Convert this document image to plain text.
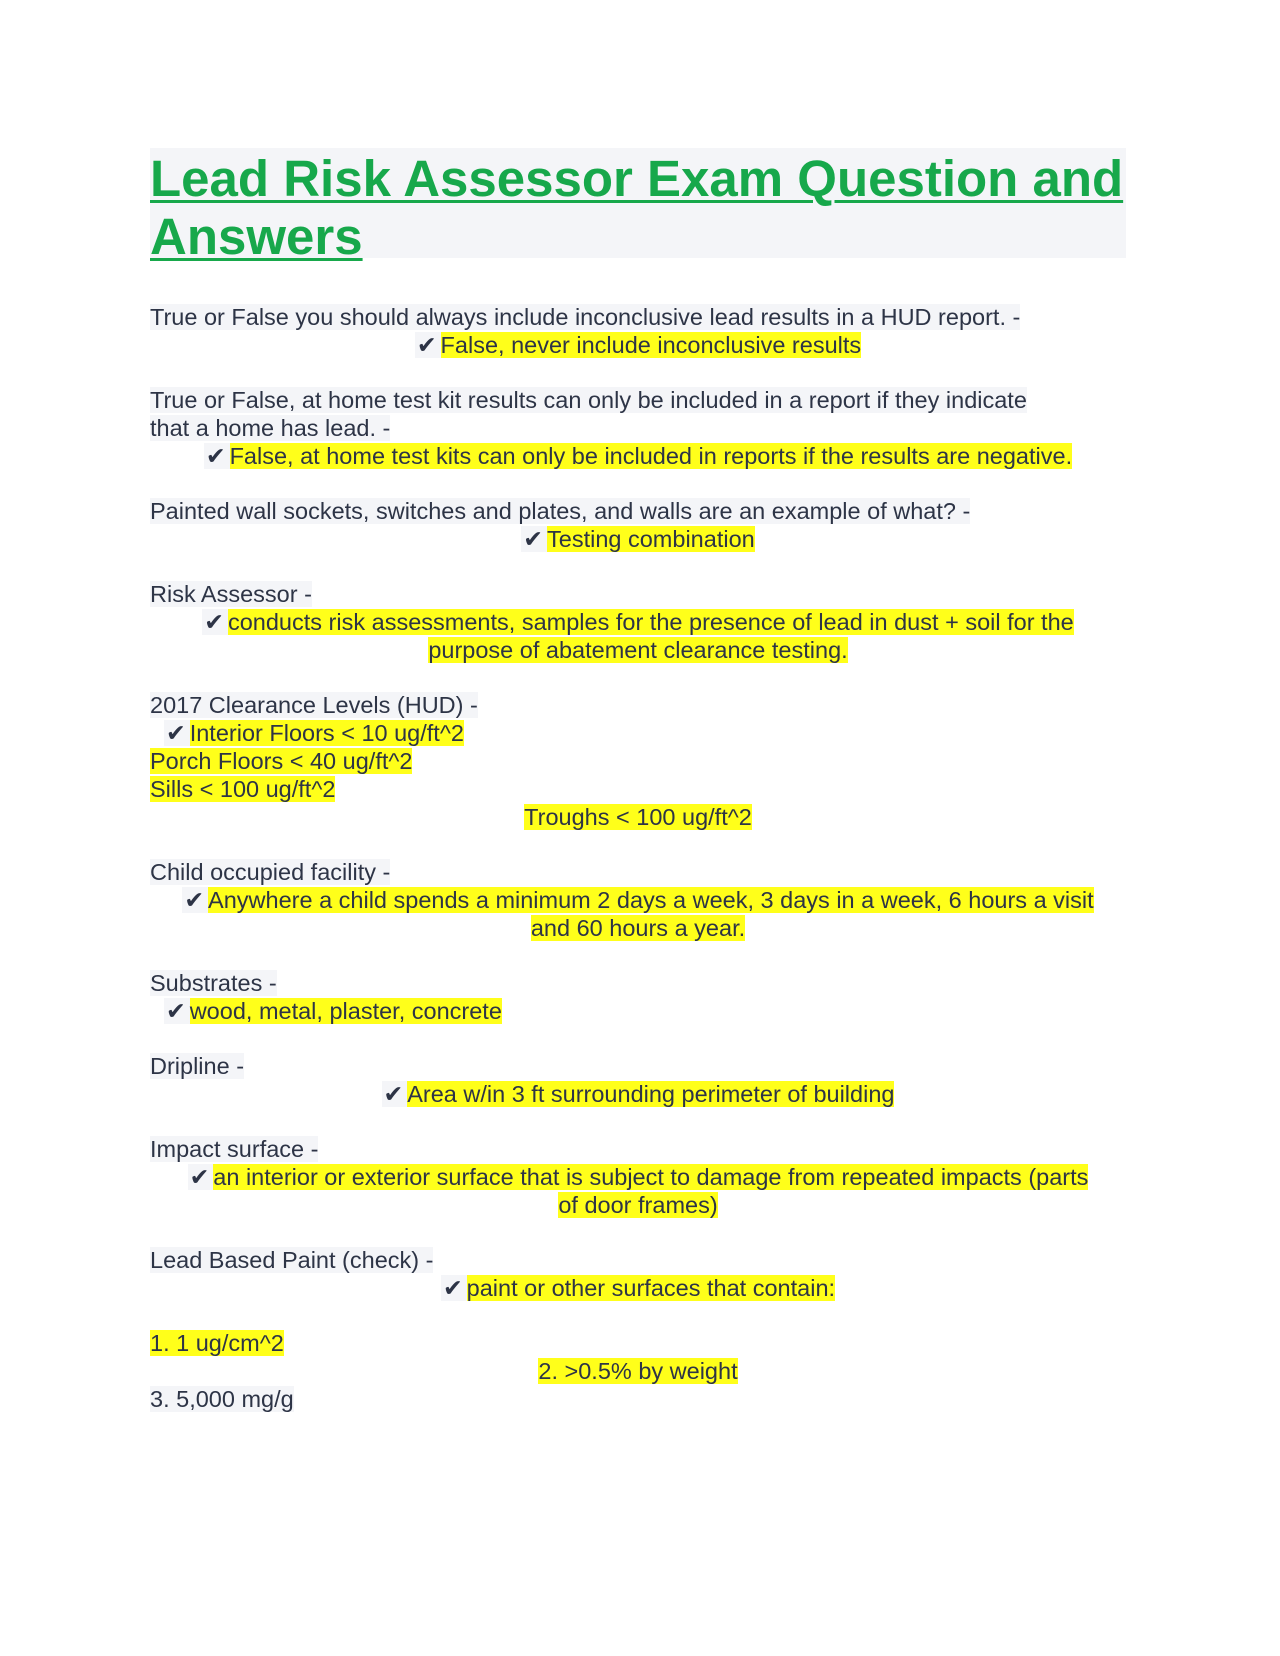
Lead Risk Assessor Exam Question and Answers
True or False you should always include inconclusive lead results in a HUD report. -
✔ False, never include inconclusive results
True or False, at home test kit results can only be included in a report if they indicate
that a home has lead. -
✔ False, at home test kits can only be included in reports if the results are negative.
Painted wall sockets, switches and plates, and walls are an example of what? -
✔ Testing combination
Risk Assessor -
✔ conducts risk assessments, samples for the presence of lead in dust + soil for the
purpose of abatement clearance testing.
2017 Clearance Levels (HUD) -
✔ Interior Floors < 10 ug/ft^2
Porch Floors < 40 ug/ft^2
Sills < 100 ug/ft^2
Troughs < 100 ug/ft^2
Child occupied facility -
✔ Anywhere a child spends a minimum 2 days a week, 3 days in a week, 6 hours a visit
and 60 hours a year.
Substrates -
✔ wood, metal, plaster, concrete
Dripline -
✔ Area w/in 3 ft surrounding perimeter of building
Impact surface -
✔ an interior or exterior surface that is subject to damage from repeated impacts (parts
of door frames)
Lead Based Paint (check) -
✔ paint or other surfaces that contain:
1. 1 ug/cm^2
2. >0.5% by weight
3. 5,000 mg/g
